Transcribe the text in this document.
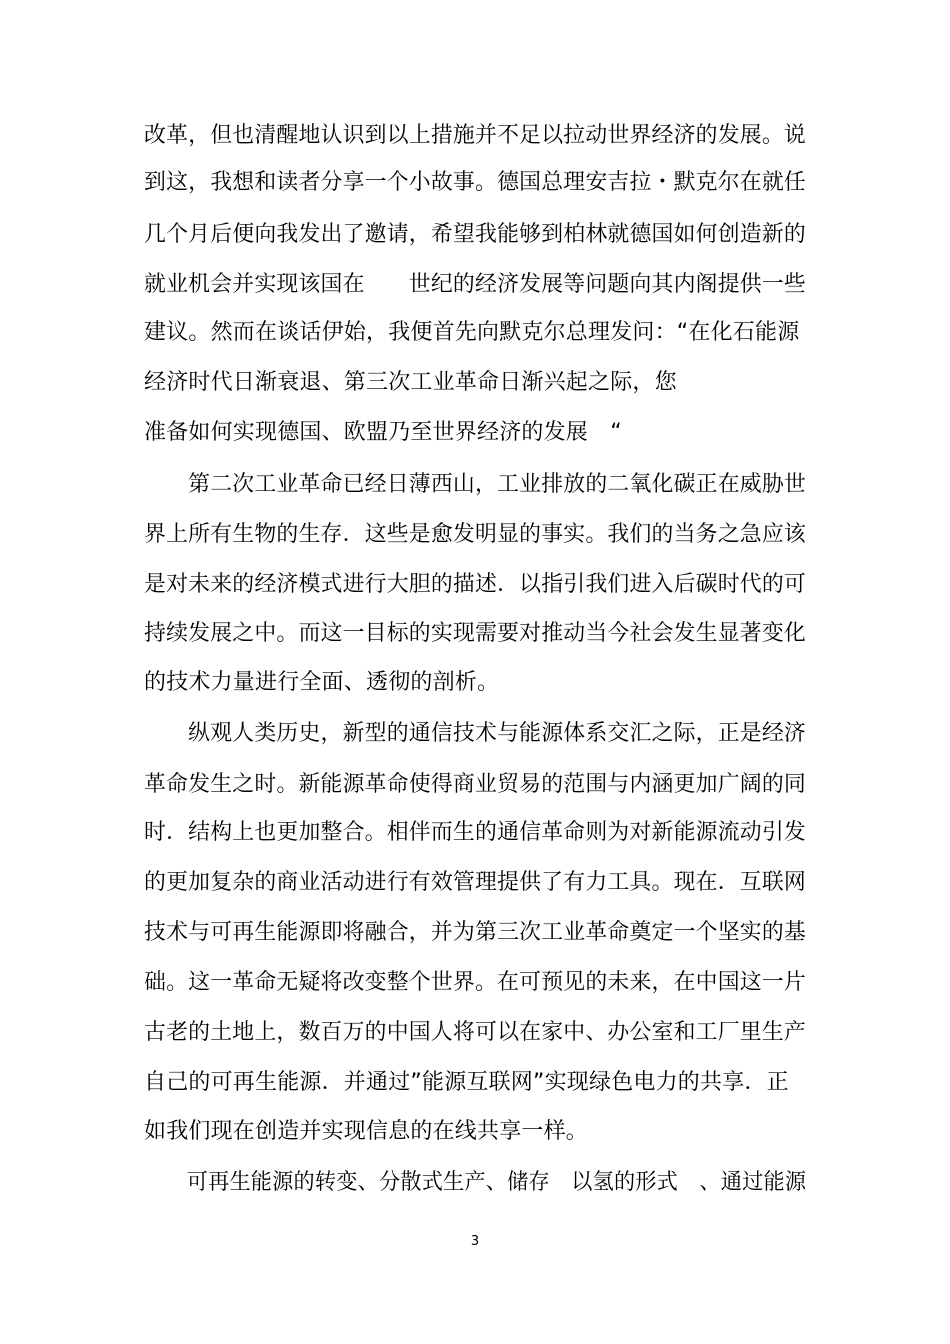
改革，但也清醒地认识到以上措施并不足以拉动世界经济的发展。说
到这，我想和读者分享一个小故事。德国总理安吉拉・默克尔在就任
几个月后便向我发出了邀请，希望我能够到柏林就德国如何创造新的
就业机会并实现该国在　　世纪的经济发展等问题向其内阁提供一些
建议。然而在谈话伊始，我便首先向默克尔总理发问：“在化石能源
经济时代日渐衰退、第三次工业革命日渐兴起之际，您
准备如何实现德国、欧盟乃至世界经济的发展　“
　　第二次工业革命已经日薄西山，工业排放的二氧化碳正在威胁世
界上所有生物的生存．这些是愈发明显的事实。我们的当务之急应该
是对未来的经济模式进行大胆的描述．以指引我们进入后碳时代的可
持续发展之中。而这一目标的实现需要对推动当今社会发生显著变化
的技术力量进行全面、透彻的剖析。
　　纵观人类历史，新型的通信技术与能源体系交汇之际，正是经济
革命发生之时。新能源革命使得商业贸易的范围与内涵更加广阔的同
时．结构上也更加整合。相伴而生的通信革命则为对新能源流动引发
的更加复杂的商业活动进行有效管理提供了有力工具。现在．互联网
技术与可再生能源即将融合，并为第三次工业革命奠定一个坚实的基
础。这一革命无疑将改变整个世界。在可预见的未来，在中国这一片
古老的土地上，数百万的中国人将可以在家中、办公室和工厂里生产
自己的可再生能源．并通过”能源互联网”实现绿色电力的共享．正
如我们现在创造并实现信息的在线共享一样。
　　可再生能源的转变、分散式生产、储存　以氢的形式　、通过能源
3
